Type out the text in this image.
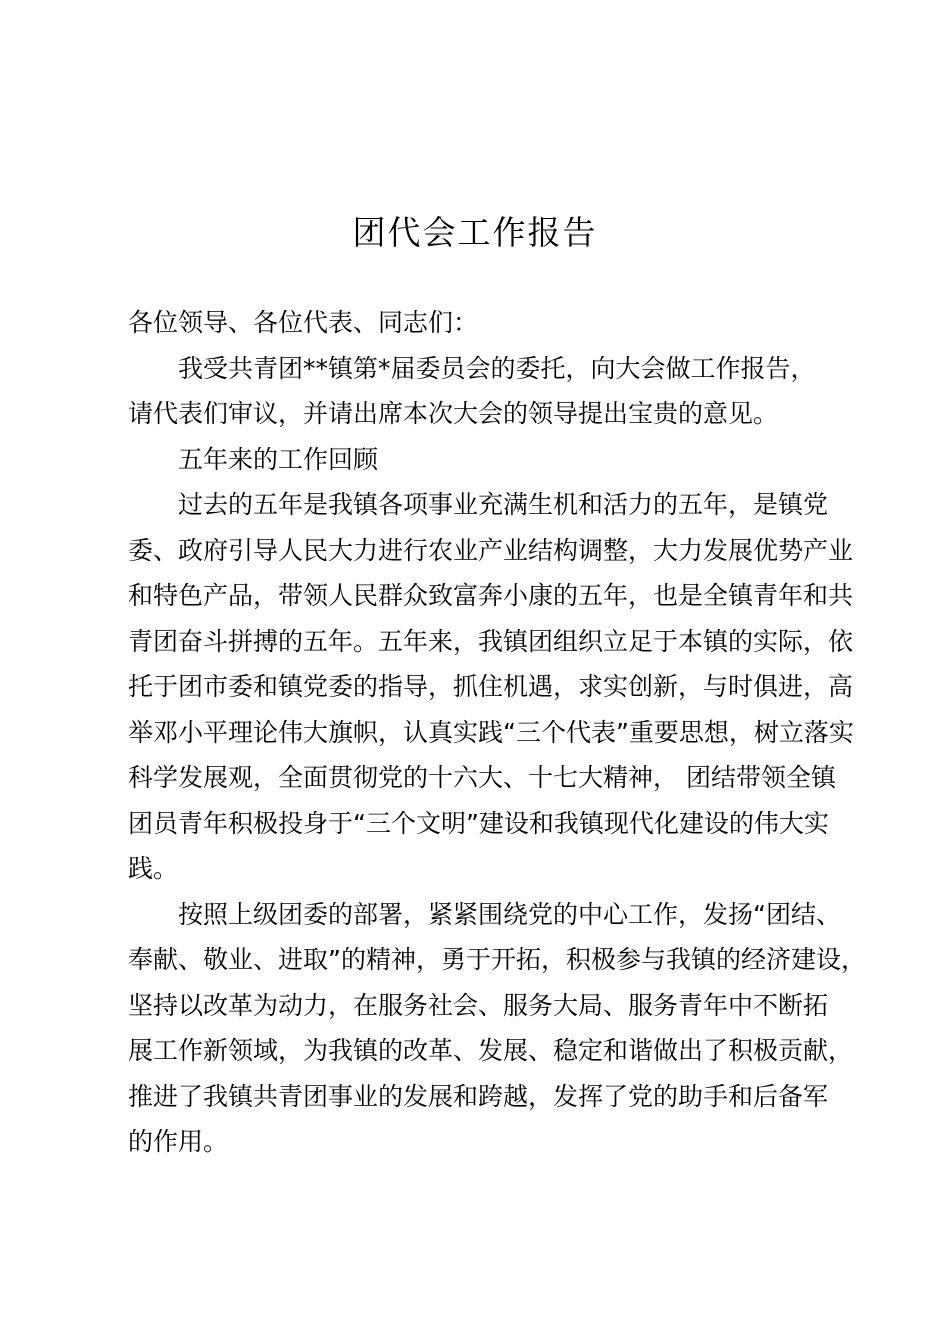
团代会工作报告
各位领导、各位代表、同志们：
我受共青团**镇第*届委员会的委托，向大会做工作报告，
请代表们审议，并请出席本次大会的领导提出宝贵的意见。
五年来的工作回顾
过去的五年是我镇各项事业充满生机和活力的五年，是镇党
委、政府引导人民大力进行农业产业结构调整，大力发展优势产业
和特色产品，带领人民群众致富奔小康的五年，也是全镇青年和共
青团奋斗拼搏的五年。五年来，我镇团组织立足于本镇的实际，依
托于团市委和镇党委的指导，抓住机遇，求实创新，与时俱进，高
举邓小平理论伟大旗帜，认真实践“三个代表”重要思想，树立落实
科学发展观，全面贯彻党的十六大、十七大精神， 团结带领全镇
团员青年积极投身于“三个文明”建设和我镇现代化建设的伟大实
践。
按照上级团委的部署，紧紧围绕党的中心工作，发扬“团结、
奉献、敬业、进取”的精神，勇于开拓，积极参与我镇的经济建设，
坚持以改革为动力，在服务社会、服务大局、服务青年中不断拓
展工作新领域，为我镇的改革、发展、稳定和谐做出了积极贡献，
推进了我镇共青团事业的发展和跨越，发挥了党的助手和后备军
的作用。
